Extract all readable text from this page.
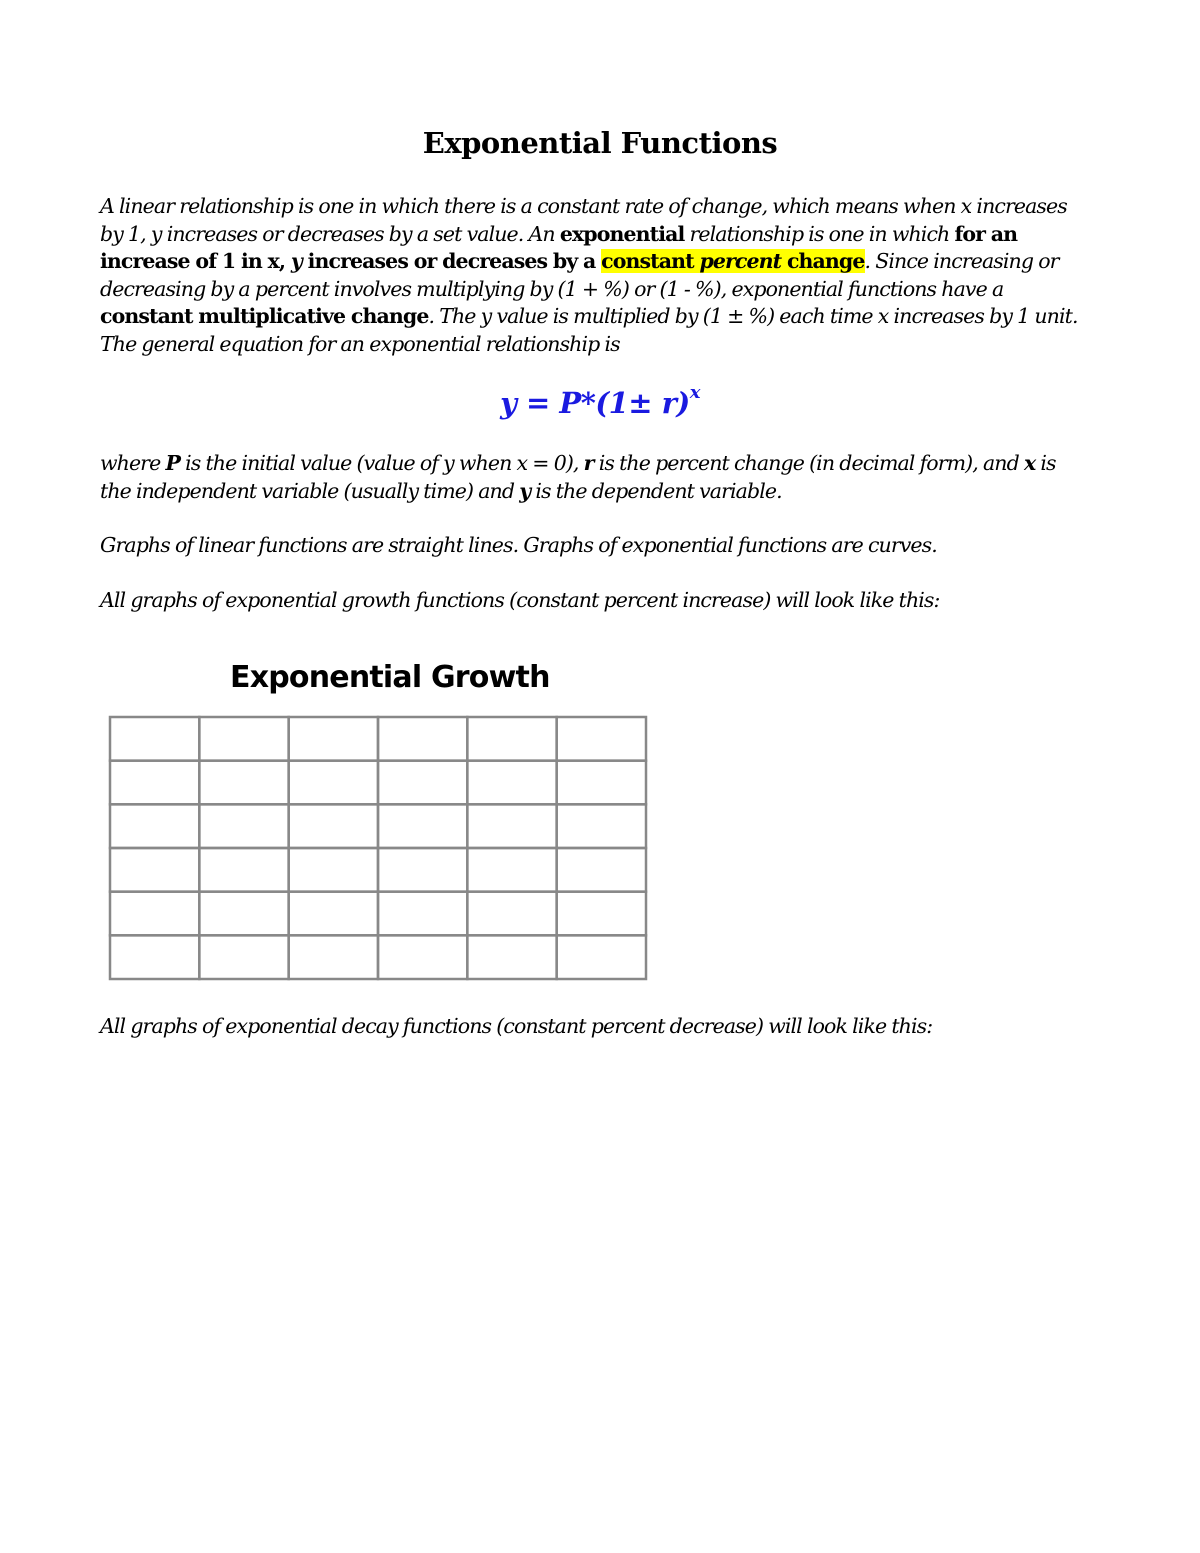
Exponential Functions

A linear relationship is one in which there is a constant rate of change, which means when x increases
by 1, y increases or decreases by a set value. An exponential relationship is one in which for an
increase of 1 in x, y increases or decreases by a constant percent change. Since increasing or
decreasing by a percent involves multiplying by (1 + %) or (1 - %), exponential functions have a
constant multiplicative change. The y value is multiplied by (1 ± %) each time x increases by 1 unit.
The general equation for an exponential relationship is

$y = P*(1\pm r)^x$

where P is the initial value (value of y when x = 0), r is the percent change (in decimal form), and x is
the independent variable (usually time) and y is the dependent variable.

Graphs of linear functions are straight lines. Graphs of exponential functions are curves.

All graphs of exponential growth functions (constant percent increase) will look like this:

Exponential Growth

All graphs of exponential decay functions (constant percent decrease) will look like this:
